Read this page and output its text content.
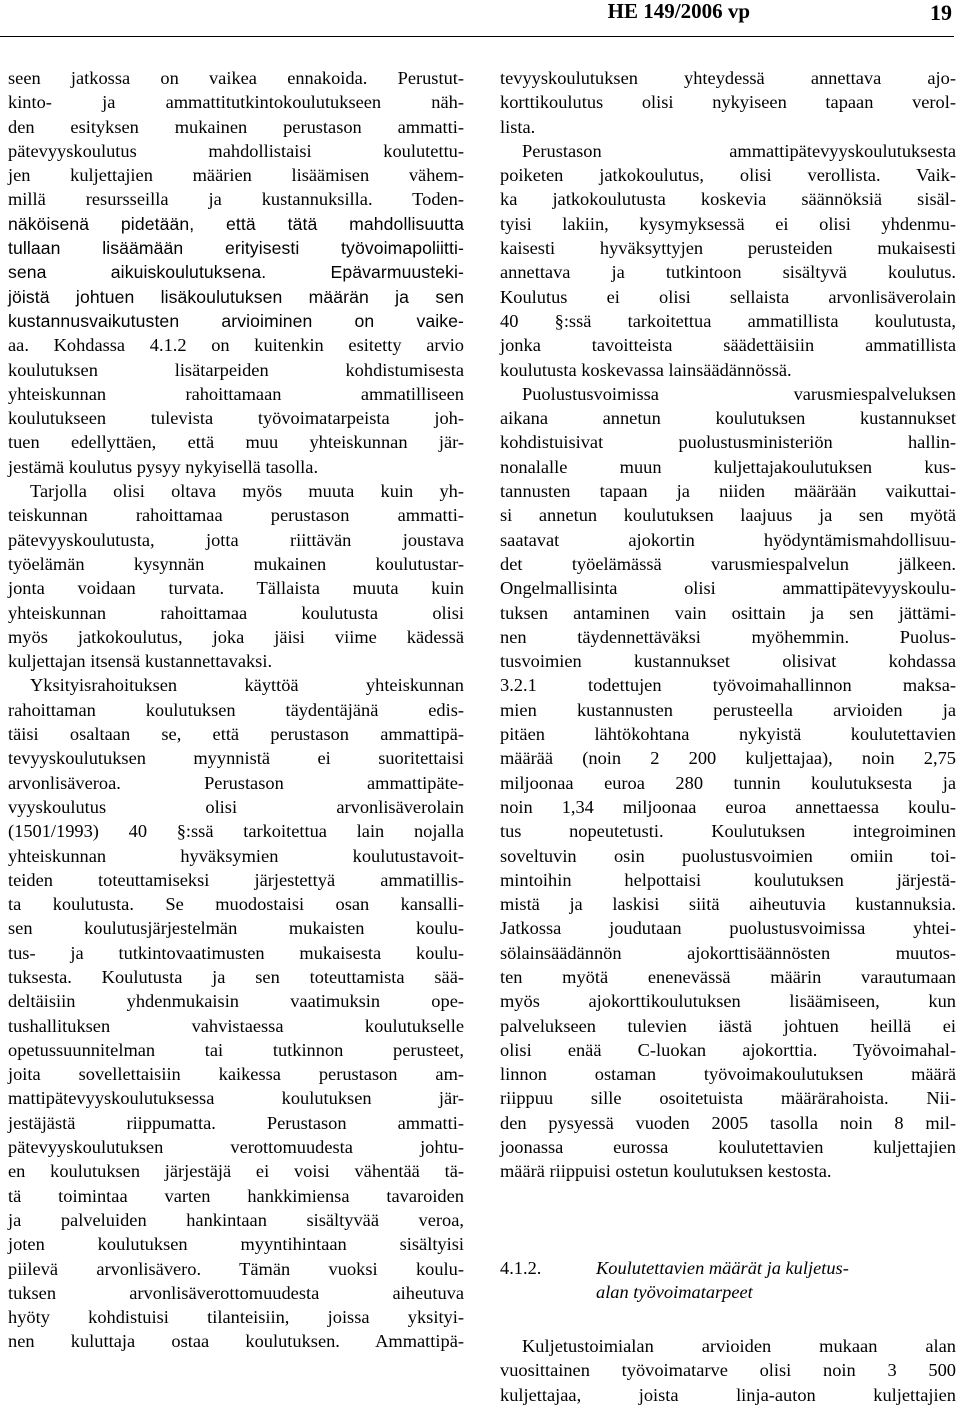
HE 149/2006 vp	19
seen jatkossa on vaikea ennakoida. Perustut-
kinto- ja ammattitutkintokoulutukseen näh-
den esityksen mukainen perustason ammatti-
pätevyyskoulutus mahdollistaisi koulutettu-
jen kuljettajien määrien lisäämisen vähem-
millä resursseilla ja kustannuksilla. Toden-
näköisenä pidetään, että tätä mahdollisuutta
tullaan lisäämään erityisesti työvoimapoliitti-
sena aikuiskoulutuksena. Epävarmuusteki-
jöistä johtuen lisäkoulutuksen määrän ja sen
kustannusvaikutusten arvioiminen on vaike-
aa. Kohdassa 4.1.2 on kuitenkin esitetty arvio
koulutuksen lisätarpeiden kohdistumisesta
yhteiskunnan rahoittamaan ammatilliseen
koulutukseen tulevista työvoimatarpeista joh-
tuen edellyttäen, että muu yhteiskunnan jär-
jestämä koulutus pysyy nykyisellä tasolla.
Tarjolla olisi oltava myös muuta kuin yh-
teiskunnan rahoittamaa perustason ammatti-
pätevyyskoulutusta, jotta riittävän joustava
työelämän kysynnän mukainen koulutustar-
jonta voidaan turvata. Tällaista muuta kuin
yhteiskunnan rahoittamaa koulutusta olisi
myös jatkokoulutus, joka jäisi viime kädessä
kuljettajan itsensä kustannettavaksi.
Yksityisrahoituksen käyttöä yhteiskunnan
rahoittaman koulutuksen täydentäjänä edis-
täisi osaltaan se, että perustason ammattipä-
tevyyskoulutuksen myynnistä ei suoritettaisi
arvonlisäveroa. Perustason ammattipäte-
vyyskoulutus olisi arvonlisäverolain
(1501/1993) 40 §:ssä tarkoitettua lain nojalla
yhteiskunnan hyväksymien koulutustavoit-
teiden toteuttamiseksi järjestettyä ammatillis-
ta koulutusta. Se muodostaisi osan kansalli-
sen koulutusjärjestelmän mukaisten koulu-
tus- ja tutkintovaatimusten mukaisesta koulu-
tuksesta. Koulutusta ja sen toteuttamista sää-
deltäisiin yhdenmukaisin vaatimuksin ope-
tushallituksen vahvistaessa koulutukselle
opetussuunnitelman tai tutkinnon perusteet,
joita sovellettaisiin kaikessa perustason am-
mattipätevyyskoulutuksessa koulutuksen jär-
jestäjästä riippumatta. Perustason ammatti-
pätevyyskoulutuksen verottomuudesta johtu-
en koulutuksen järjestäjä ei voisi vähentää tä-
tä toimintaa varten hankkimiensa tavaroiden
ja palveluiden hankintaan sisältyvää veroa,
joten koulutuksen myyntihintaan sisältyisi
piilevä arvonlisävero. Tämän vuoksi koulu-
tuksen arvonlisäverottomuudesta aiheutuva
hyöty kohdistuisi tilanteisiin, joissa yksityi-
nen kuluttaja ostaa koulutuksen. Ammattipä-
tevyyskoulutuksen yhteydessä annettava ajo-
korttikoulutus olisi nykyiseen tapaan verol-
lista.
Perustason ammattipätevyyskoulutuksesta
poiketen jatkokoulutus, olisi verollista. Vaik-
ka jatkokoulutusta koskevia säännöksiä sisäl-
tyisi lakiin, kysymyksessä ei olisi yhdenmu-
kaisesti hyväksyttyjen perusteiden mukaisesti
annettava ja tutkintoon sisältyvä koulutus.
Koulutus ei olisi sellaista arvonlisäverolain
40 §:ssä tarkoitettua ammatillista koulutusta,
jonka tavoitteista säädettäisiin ammatillista
koulutusta koskevassa lainsäädännössä.
Puolustusvoimissa varusmiespalveluksen
aikana annetun koulutuksen kustannukset
kohdistuisivat puolustusministeriön hallin-
nonalalle muun kuljettajakoulutuksen kus-
tannusten tapaan ja niiden määrään vaikuttai-
si annetun koulutuksen laajuus ja sen myötä
saatavat ajokortin hyödyntämismahdollisuu-
det työelämässä varusmiespalvelun jälkeen.
Ongelmallisinta olisi ammattipätevyyskoulu-
tuksen antaminen vain osittain ja sen jättämi-
nen täydennettäväksi myöhemmin. Puolus-
tusvoimien kustannukset olisivat kohdassa
3.2.1 todettujen työvoimahallinnon maksa-
mien kustannusten perusteella arvioiden ja
pitäen lähtökohtana nykyistä koulutettavien
määrää (noin 2 200 kuljettajaa), noin 2,75
miljoonaa euroa 280 tunnin koulutuksesta ja
noin 1,34 miljoonaa euroa annettaessa koulu-
tus nopeutetusti. Koulutuksen integroiminen
soveltuvin osin puolustusvoimien omiin toi-
mintoihin helpottaisi koulutuksen järjestä-
mistä ja laskisi siitä aiheutuvia kustannuksia.
Jatkossa joudutaan puolustusvoimissa yhtei-
sölainsäädännön ajokorttisäännösten muutos-
ten myötä enenevässä määrin varautumaan
myös ajokorttikoulutuksen lisäämiseen, kun
palvelukseen tulevien iästä johtuen heillä ei
olisi enää C-luokan ajokorttia. Työvoimahal-
linnon ostaman työvoimakoulutuksen määrä
riippuu sille osoitetuista määrärahoista. Nii-
den pysyessä vuoden 2005 tasolla noin 8 mil-
joonassa eurossa koulutettavien kuljettajien
määrä riippuisi ostetun koulutuksen kestosta.
4.1.2.	Koulutettavien määrät ja kuljetus-
alan työvoimatarpeet
Kuljetustoimialan arvioiden mukaan alan
vuosittainen työvoimatarve olisi noin 3 500
kuljettajaa, joista linja-auton kuljettajien
